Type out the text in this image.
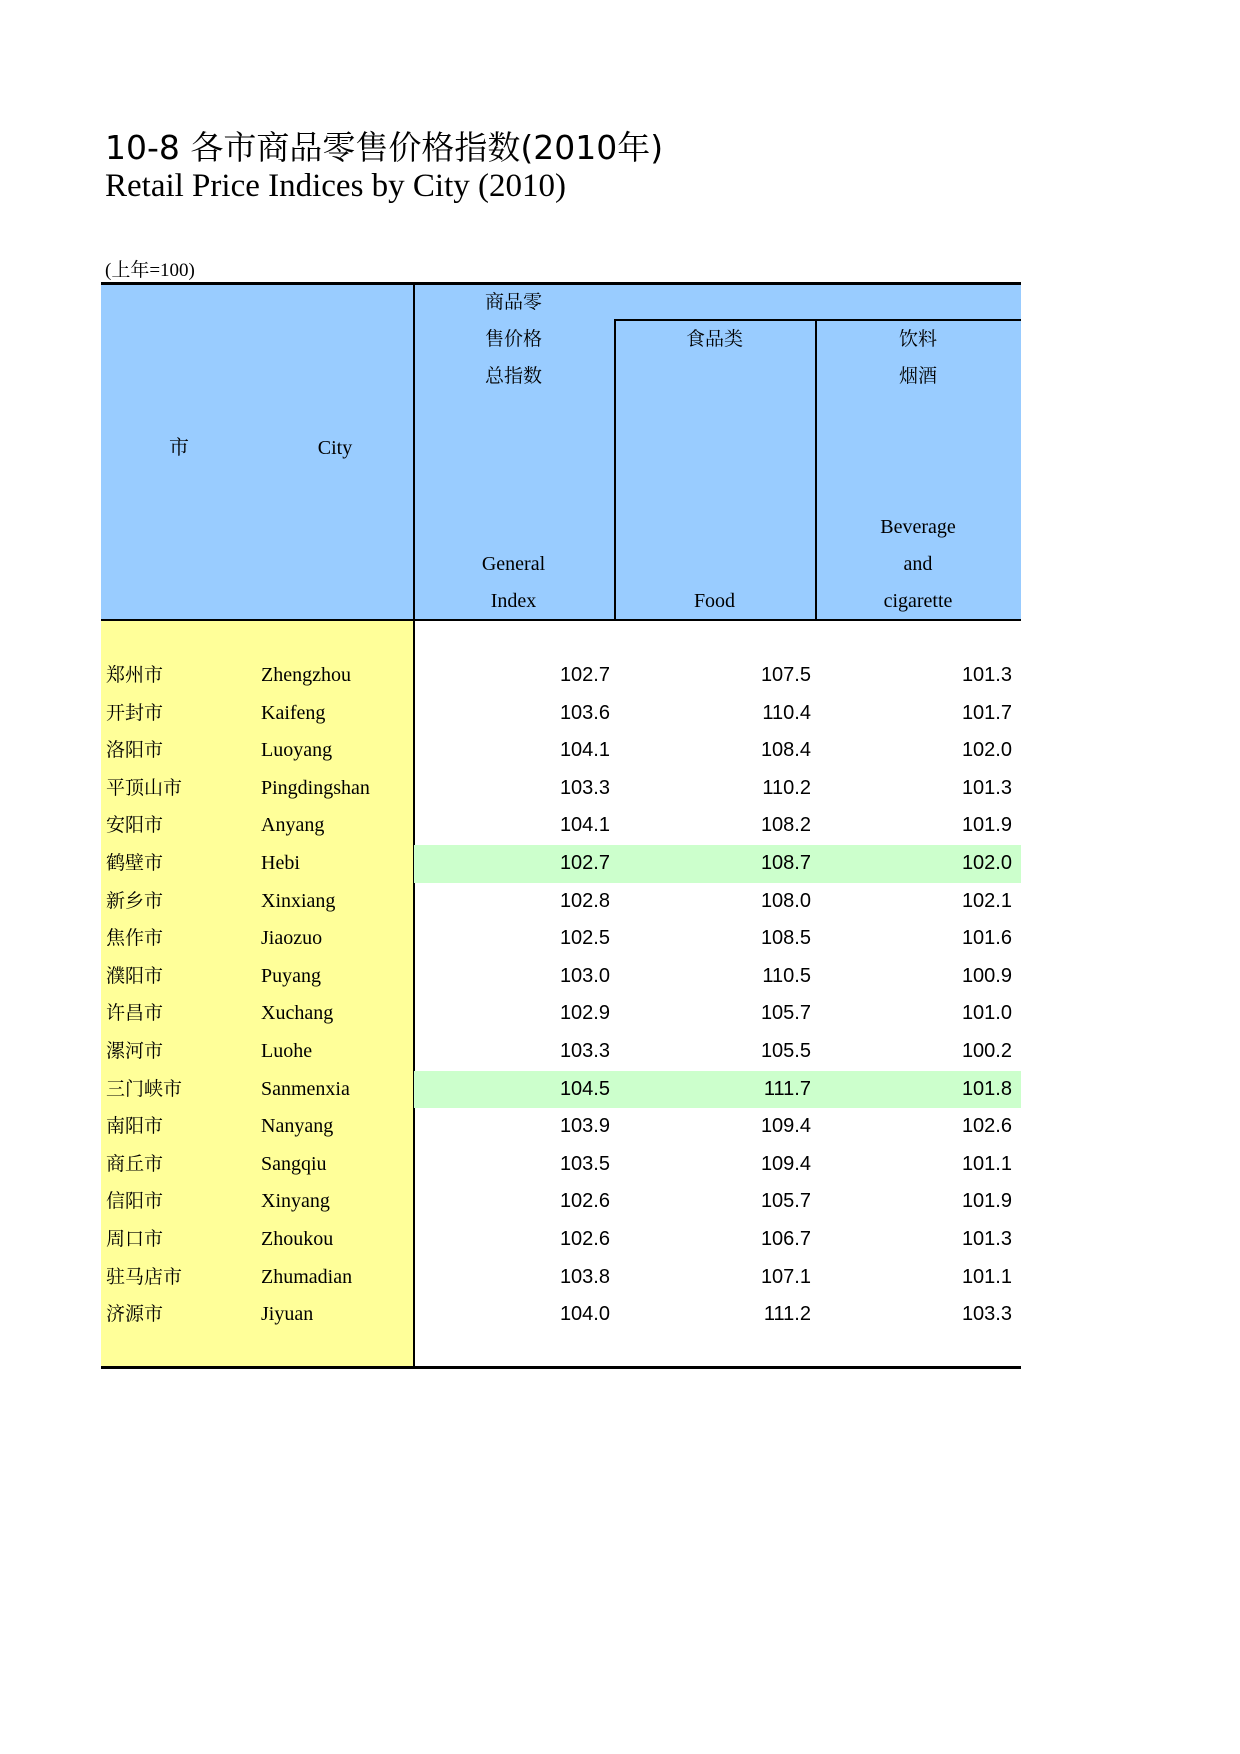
10-8 各市商品零售价格指数(2010年)
Retail Price Indices by City (2010)
(上年=100)
市	City
商品零
售价格
总指数
General
Index
食品类
Food
饮料
烟酒
Beverage
and
cigarette
郑州市	Zhengzhou	102.7	107.5	101.3
开封市	Kaifeng	103.6	110.4	101.7
洛阳市	Luoyang	104.1	108.4	102.0
平顶山市	Pingdingshan	103.3	110.2	101.3
安阳市	Anyang	104.1	108.2	101.9
鹤壁市	Hebi	102.7	108.7	102.0
新乡市	Xinxiang	102.8	108.0	102.1
焦作市	Jiaozuo	102.5	108.5	101.6
濮阳市	Puyang	103.0	110.5	100.9
许昌市	Xuchang	102.9	105.7	101.0
漯河市	Luohe	103.3	105.5	100.2
三门峡市	Sanmenxia	104.5	111.7	101.8
南阳市	Nanyang	103.9	109.4	102.6
商丘市	Sangqiu	103.5	109.4	101.1
信阳市	Xinyang	102.6	105.7	101.9
周口市	Zhoukou	102.6	106.7	101.3
驻马店市	Zhumadian	103.8	107.1	101.1
济源市	Jiyuan	104.0	111.2	103.3
